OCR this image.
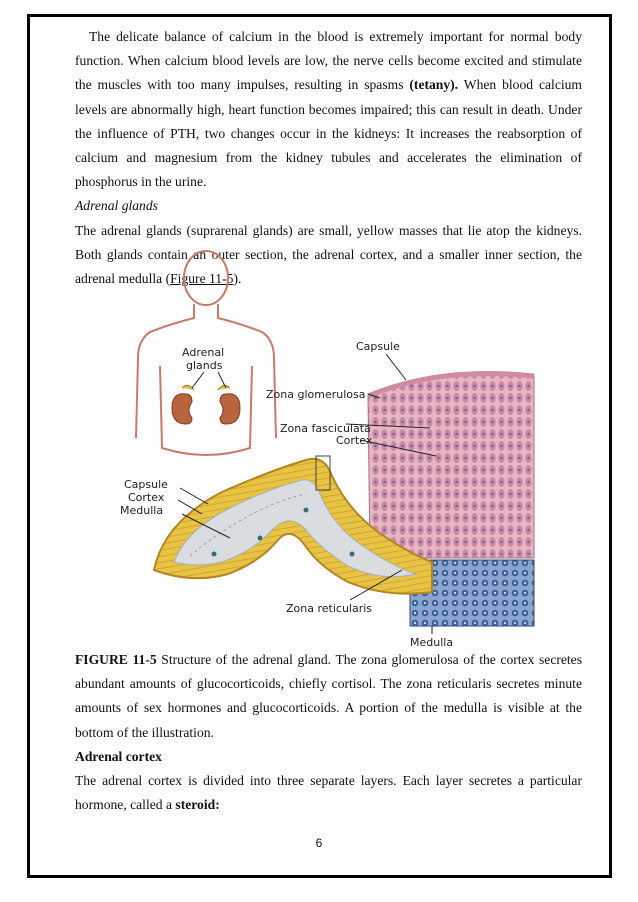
The delicate balance of calcium in the blood is extremely important for normal body function. When calcium blood levels are low, the nerve cells become excited and stimulate the muscles with too many impulses, resulting in spasms (tetany). When blood calcium levels are abnormally high, heart function becomes impaired; this can result in death. Under the influence of PTH, two changes occur in the kidneys: It increases the reabsorption of calcium and magnesium from the kidney tubules and accelerates the elimination of phosphorus in the urine.

Adrenal glands

The adrenal glands (suprarenal glands) are small, yellow masses that lie atop the kidneys. Both glands contain an outer section, the adrenal cortex, and a smaller inner section, the adrenal medulla (Figure 11-5).

Adrenal
glands
Capsule
Zona glomerulosa
Zona fasciculata
Cortex
Capsule
Cortex
Medulla
Zona reticularis
Medulla

FIGURE 11-5 Structure of the adrenal gland. The zona glomerulosa of the cortex secretes abundant amounts of glucocorticoids, chiefly cortisol. The zona reticularis secretes minute amounts of sex hormones and glucocorticoids. A portion of the medulla is visible at the bottom of the illustration.

Adrenal cortex

The adrenal cortex is divided into three separate layers. Each layer secretes a particular hormone, called a steroid:

6
